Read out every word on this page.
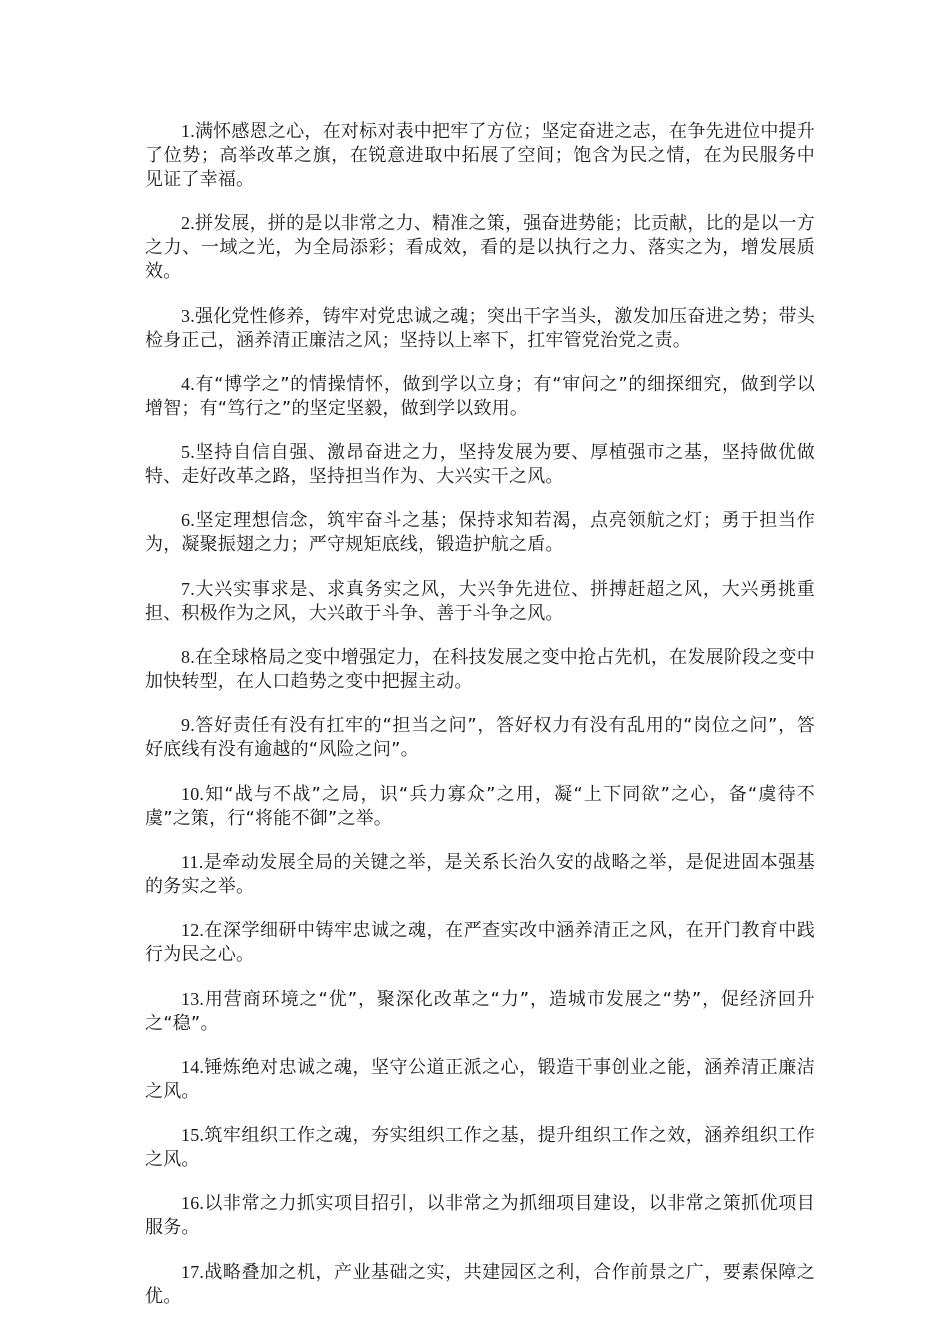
1.满怀感恩之心，在对标对表中把牢了方位；坚定奋进之志，在争先进位中提升了位势；高举改革之旗，在锐意进取中拓展了空间；饱含为民之情，在为民服务中见证了幸福。

2.拼发展，拼的是以非常之力、精准之策，强奋进势能；比贡献，比的是以一方之力、一域之光，为全局添彩；看成效，看的是以执行之力、落实之为，增发展质效。

3.强化党性修养，铸牢对党忠诚之魂；突出干字当头，激发加压奋进之势；带头检身正己，涵养清正廉洁之风；坚持以上率下，扛牢管党治党之责。

4.有“博学之”的情操情怀，做到学以立身；有“审问之”的细探细究，做到学以增智；有“笃行之”的坚定坚毅，做到学以致用。

5.坚持自信自强、激昂奋进之力，坚持发展为要、厚植强市之基，坚持做优做特、走好改革之路，坚持担当作为、大兴实干之风。

6.坚定理想信念，筑牢奋斗之基；保持求知若渴，点亮领航之灯；勇于担当作为，凝聚振翅之力；严守规矩底线，锻造护航之盾。

7.大兴实事求是、求真务实之风，大兴争先进位、拼搏赶超之风，大兴勇挑重担、积极作为之风，大兴敢于斗争、善于斗争之风。

8.在全球格局之变中增强定力，在科技发展之变中抢占先机，在发展阶段之变中加快转型，在人口趋势之变中把握主动。

9.答好责任有没有扛牢的“担当之问”，答好权力有没有乱用的“岗位之问”，答好底线有没有逾越的“风险之问”。

10.知“战与不战”之局，识“兵力寡众”之用，凝“上下同欲”之心，备“虞待不虞”之策，行“将能不御”之举。

11.是牵动发展全局的关键之举，是关系长治久安的战略之举，是促进固本强基的务实之举。

12.在深学细研中铸牢忠诚之魂，在严查实改中涵养清正之风，在开门教育中践行为民之心。

13.用营商环境之“优”，聚深化改革之“力”，造城市发展之“势”，促经济回升之“稳”。

14.锤炼绝对忠诚之魂，坚守公道正派之心，锻造干事创业之能，涵养清正廉洁之风。

15.筑牢组织工作之魂，夯实组织工作之基，提升组织工作之效，涵养组织工作之风。

16.以非常之力抓实项目招引，以非常之为抓细项目建设，以非常之策抓优项目服务。

17.战略叠加之机，产业基础之实，共建园区之利，合作前景之广，要素保障之优。
